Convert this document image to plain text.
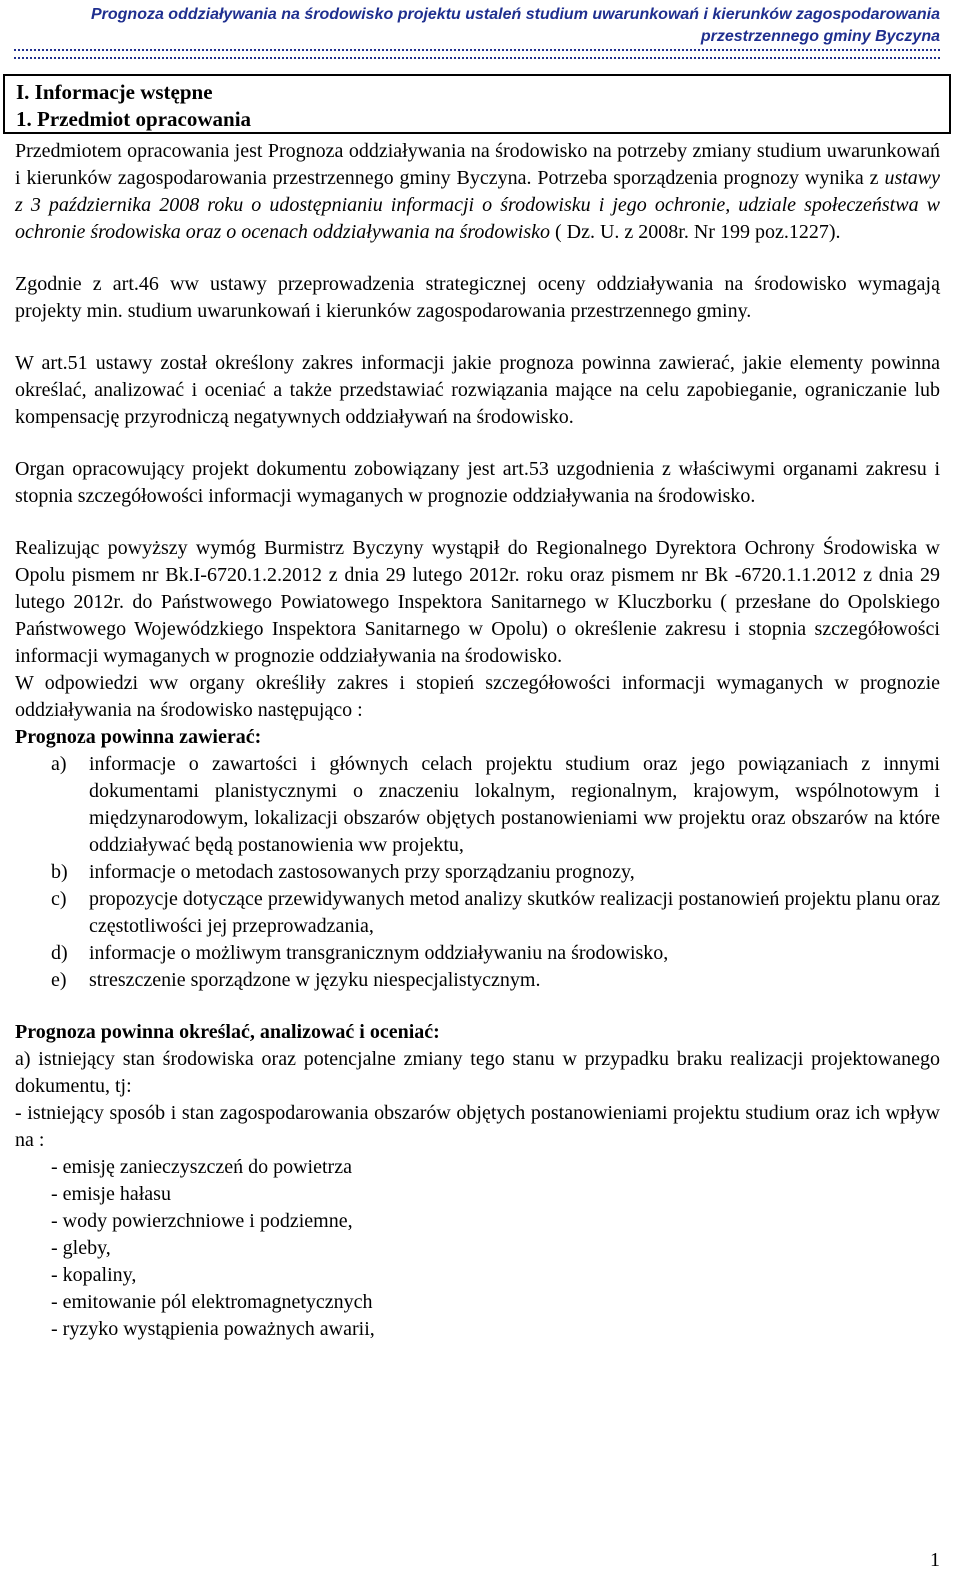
Prognoza oddziaływania na środowisko projektu ustaleń studium uwarunkowań i kierunków zagospodarowania
przestrzennego gminy Byczyna
I. Informacje wstępne
1. Przedmiot opracowania

Przedmiotem opracowania jest Prognoza oddziaływania na środowisko na potrzeby zmiany studium uwarunkowań i kierunków zagospodarowania przestrzennego gminy Byczyna. Potrzeba sporządzenia prognozy wynika z ustawy z 3 października 2008 roku o udostępnianiu informacji o środowisku i jego ochronie, udziale społeczeństwa w ochronie środowiska oraz o ocenach oddziaływania na środowisko ( Dz. U. z 2008r. Nr 199 poz.1227).

Zgodnie z art.46 ww ustawy przeprowadzenia strategicznej oceny oddziaływania na środowisko wymagają projekty min. studium uwarunkowań i kierunków zagospodarowania przestrzennego gminy.

W art.51 ustawy został określony zakres informacji jakie prognoza powinna zawierać, jakie elementy powinna określać, analizować i oceniać a także przedstawiać rozwiązania mające na celu zapobieganie, ograniczanie lub kompensację przyrodniczą negatywnych oddziaływań na środowisko.

Organ opracowujący projekt dokumentu zobowiązany jest art.53 uzgodnienia z właściwymi organami zakresu i stopnia szczegółowości informacji wymaganych w prognozie oddziaływania na środowisko.

Realizując powyższy wymóg Burmistrz Byczyny wystąpił do Regionalnego Dyrektora Ochrony Środowiska w Opolu pismem nr Bk.I-6720.1.2.2012 z dnia 29 lutego 2012r. roku oraz pismem nr Bk -6720.1.1.2012 z dnia 29 lutego 2012r. do Państwowego Powiatowego Inspektora Sanitarnego w Kluczborku ( przesłane do Opolskiego Państwowego Wojewódzkiego Inspektora Sanitarnego w Opolu) o określenie zakresu i stopnia szczegółowości informacji wymaganych w prognozie oddziaływania na środowisko.

W odpowiedzi ww organy określiły zakres i stopień szczegółowości informacji wymaganych w prognozie oddziaływania na środowisko następująco :

Prognoza powinna zawierać:
a) informacje o zawartości i głównych celach projektu studium oraz jego powiązaniach z innymi dokumentami planistycznymi o znaczeniu lokalnym, regionalnym, krajowym, wspólnotowym i międzynarodowym, lokalizacji obszarów objętych postanowieniami ww projektu oraz obszarów na które oddziaływać będą postanowienia ww projektu,
b) informacje o metodach zastosowanych przy sporządzaniu prognozy,
c) propozycje dotyczące przewidywanych metod analizy skutków realizacji postanowień projektu planu oraz częstotliwości jej przeprowadzania,
d) informacje o możliwym transgranicznym oddziaływaniu na środowisko,
e) streszczenie sporządzone w języku niespecjalistycznym.
Prognoza powinna określać, analizować i oceniać:

a) istniejący stan środowiska oraz potencjalne zmiany tego stanu w przypadku braku realizacji projektowanego dokumentu, tj:

- istniejący sposób i stan zagospodarowania obszarów objętych postanowieniami projektu studium oraz ich wpływ na :

- emisję zanieczyszczeń do powietrza
- emisje hałasu
- wody powierzchniowe i podziemne,
- gleby,
- kopaliny,
- emitowanie pól elektromagnetycznych
- ryzyko wystąpienia poważnych awarii,
1
